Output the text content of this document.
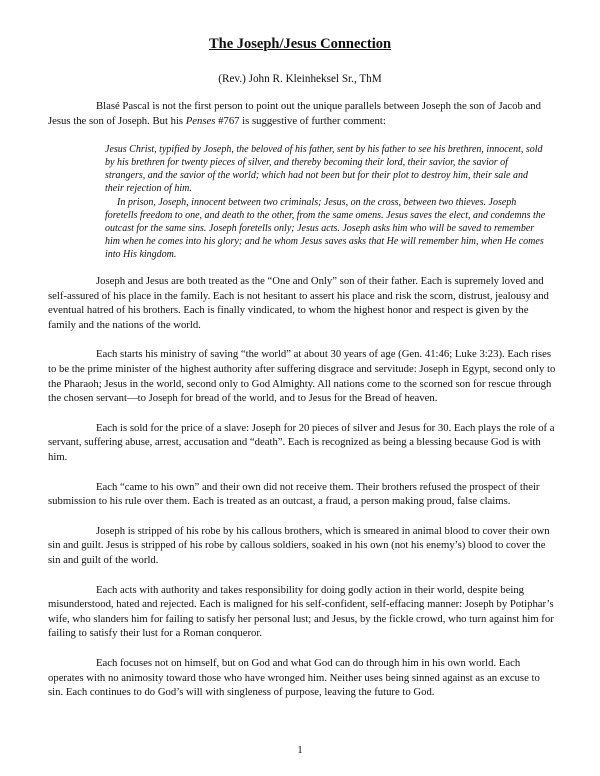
The Joseph/Jesus Connection

(Rev.) John R. Kleinheksel Sr., ThM

Blasé Pascal is not the first person to point out the unique parallels between Joseph the son of Jacob and Jesus the son of Joseph. But his Penses #767 is suggestive of further comment:

Jesus Christ, typified by Joseph, the beloved of his father, sent by his father to see his brethren, innocent, sold by his brethren for twenty pieces of silver, and thereby becoming their lord, their savior, the savior of strangers, and the savior of the world; which had not been but for their plot to destroy him, their sale and their rejection of him.

In prison, Joseph, innocent between two criminals; Jesus, on the cross, between two thieves. Joseph foretells freedom to one, and death to the other, from the same omens. Jesus saves the elect, and condemns the outcast for the same sins. Joseph foretells only; Jesus acts. Joseph asks him who will be saved to remember him when he comes into his glory; and he whom Jesus saves asks that He will remember him, when He comes into His kingdom.

Joseph and Jesus are both treated as the “One and Only” son of their father. Each is supremely loved and self-assured of his place in the family. Each is not hesitant to assert his place and risk the scorn, distrust, jealousy and eventual hatred of his brothers. Each is finally vindicated, to whom the highest honor and respect is given by the family and the nations of the world.

Each starts his ministry of saving “the world” at about 30 years of age (Gen. 41:46; Luke 3:23). Each rises to be the prime minister of the highest authority after suffering disgrace and servitude: Joseph in Egypt, second only to the Pharaoh; Jesus in the world, second only to God Almighty. All nations come to the scorned son for rescue through the chosen servant—to Joseph for bread of the world, and to Jesus for the Bread of heaven.

Each is sold for the price of a slave: Joseph for 20 pieces of silver and Jesus for 30. Each plays the role of a servant, suffering abuse, arrest, accusation and “death”. Each is recognized as being a blessing because God is with him.

Each “came to his own” and their own did not receive them. Their brothers refused the prospect of their submission to his rule over them. Each is treated as an outcast, a fraud, a person making proud, false claims.

Joseph is stripped of his robe by his callous brothers, which is smeared in animal blood to cover their own sin and guilt. Jesus is stripped of his robe by callous soldiers, soaked in his own (not his enemy’s) blood to cover the sin and guilt of the world.

Each acts with authority and takes responsibility for doing godly action in their world, despite being misunderstood, hated and rejected. Each is maligned for his self-confident, self-effacing manner: Joseph by Potiphar’s wife, who slanders him for failing to satisfy her personal lust; and Jesus, by the fickle crowd, who turn against him for failing to satisfy their lust for a Roman conqueror.

Each focuses not on himself, but on God and what God can do through him in his own world. Each operates with no animosity toward those who have wronged him. Neither uses being sinned against as an excuse to sin. Each continues to do God’s will with singleness of purpose, leaving the future to God.

1
